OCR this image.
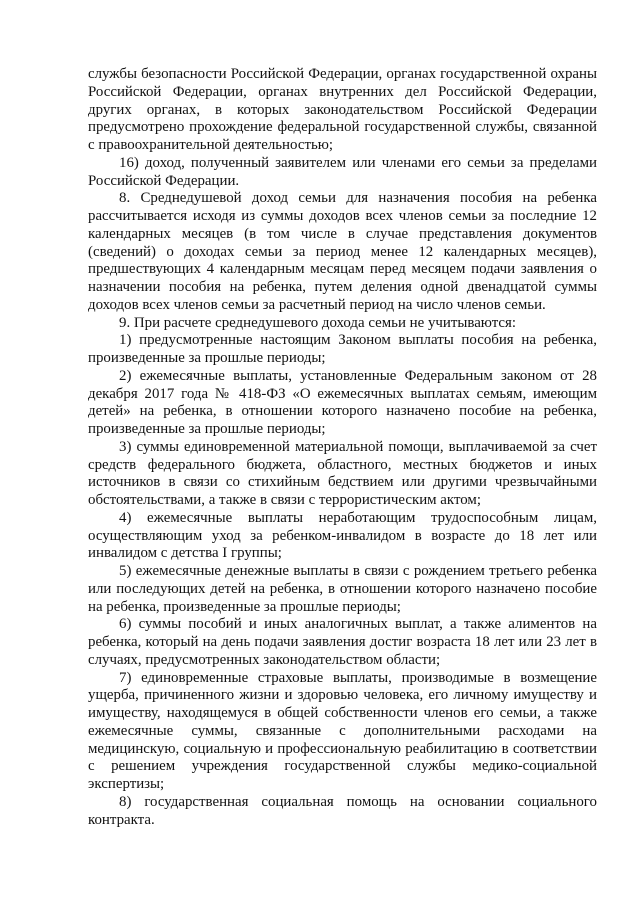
службы безопасности Российской Федерации, органах государственной охраны Российской Федерации, органах внутренних дел Российской Федерации, других органах, в которых законодательством Российской Федерации предусмотрено прохождение федеральной государственной службы, связанной с правоохранительной деятельностью;

16) доход, полученный заявителем или членами его семьи за пределами Российской Федерации.

8. Среднедушевой доход семьи для назначения пособия на ребенка рассчитывается исходя из суммы доходов всех членов семьи за последние 12 календарных месяцев (в том числе в случае представления документов (сведений) о доходах семьи за период менее 12 календарных месяцев), предшествующих 4 календарным месяцам перед месяцем подачи заявления о назначении пособия на ребенка, путем деления одной двенадцатой суммы доходов всех членов семьи за расчетный период на число членов семьи.

9. При расчете среднедушевого дохода семьи не учитываются:

1) предусмотренные настоящим Законом выплаты пособия на ребенка, произведенные за прошлые периоды;

2) ежемесячные выплаты, установленные Федеральным законом от 28 декабря 2017 года № 418-ФЗ «О ежемесячных выплатах семьям, имеющим детей» на ребенка, в отношении которого назначено пособие на ребенка, произведенные за прошлые периоды;

3) суммы единовременной материальной помощи, выплачиваемой за счет средств федерального бюджета, областного, местных бюджетов и иных источников в связи со стихийным бедствием или другими чрезвычайными обстоятельствами, а также в связи с террористическим актом;

4) ежемесячные выплаты неработающим трудоспособным лицам, осуществляющим уход за ребенком-инвалидом в возрасте до 18 лет или инвалидом с детства I группы;

5) ежемесячные денежные выплаты в связи с рождением третьего ребенка или последующих детей на ребенка, в отношении которого назначено пособие на ребенка, произведенные за прошлые периоды;

6) суммы пособий и иных аналогичных выплат, а также алиментов на ребенка, который на день подачи заявления достиг возраста 18 лет или 23 лет в случаях, предусмотренных законодательством области;

7) единовременные страховые выплаты, производимые в возмещение ущерба, причиненного жизни и здоровью человека, его личному имуществу и имуществу, находящемуся в общей собственности членов его семьи, а также ежемесячные суммы, связанные с дополнительными расходами на медицинскую, социальную и профессиональную реабилитацию в соответствии с решением учреждения государственной службы медико-социальной экспертизы;

8) государственная социальная помощь на основании социального контракта.
